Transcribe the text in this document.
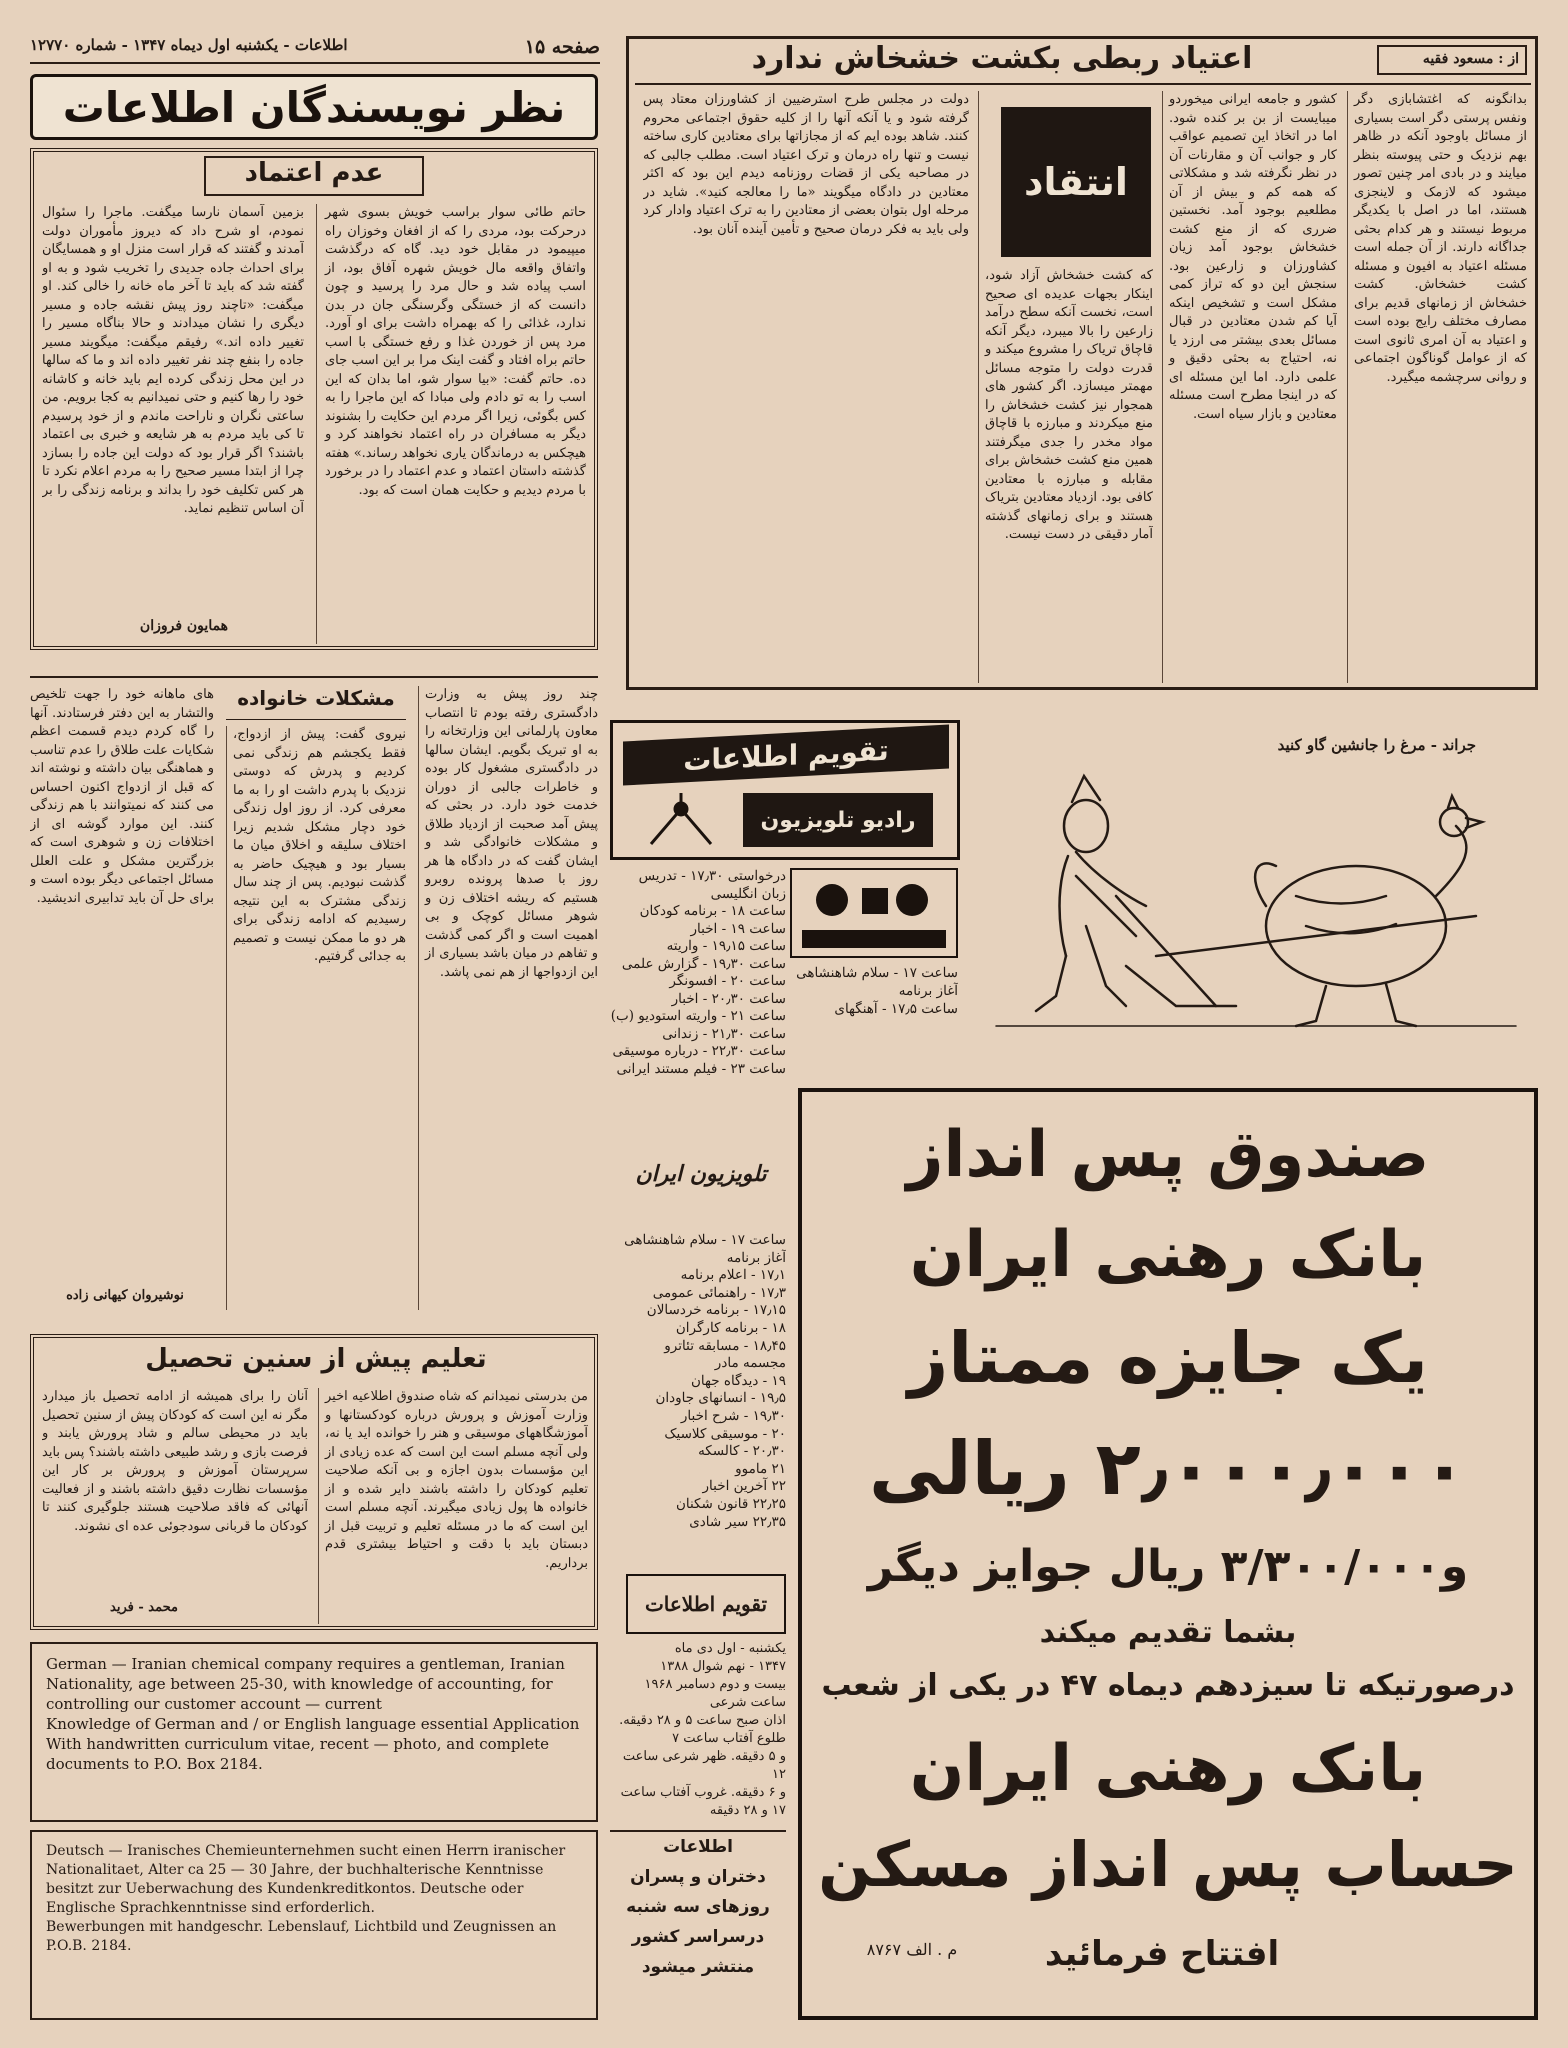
اطلاعات - یکشنبه اول دیماه ۱۳۴۷ - شماره ۱۲۷۷۰	صفحه ۱۵
نظر نویسندگان اطلاعات
از : مسعود فقیه
اعتیاد ربطی بکشت خشخاش ندارد
بدانگونه که اغتشابازی دگر ونفس پرستی دگر است بسیاری از مسائل باوجود آنکه در ظاهر بهم نزدیک و حتی پیوسته بنظر میایند و در بادی امر چنین تصور میشود که لازمک و لاینجزی هستند، اما در اصل با یکدیگر مربوط نیستند و هر کدام بحثی جداگانه دارند. از آن جمله است مسئله اعتیاد به افیون و مسئله کشت خشخاش. کشت خشخاش از زمانهای قدیم برای مصارف مختلف رایج بوده است و اعتیاد به آن امری ثانوی است که از عوامل گوناگون اجتماعی و روانی سرچشمه میگیرد.
کشور و جامعه ایرانی میخوردو میبایست از بن بر کنده شود. اما در اتخاذ این تصمیم عواقب کار و جوانب آن و مقارنات آن در نظر نگرفته شد و مشکلاتی که همه کم و بیش از آن مطلعیم بوجود آمد. نخستین ضرری که از منع کشت خشخاش بوجود آمد زیان کشاورزان و زارعین بود. سنجش این دو که تراز کمی مشکل است و تشخیص اینکه آیا کم شدن معتادین در قبال مسائل بعدی بیشتر می ارزد یا نه، احتیاج به بحثی دقیق و علمی دارد. اما این مسئله ای که در اینجا مطرح است مسئله معتادین و بازار سیاه است.
انتقاد
که کشت خشخاش آزاد شود، اینکار بجهات عدیده ای صحیح است، نخست آنکه سطح درآمد زارعین را بالا میبرد، دیگر آنکه قاچاق تریاک را مشروع میکند و قدرت دولت را متوجه مسائل مهمتر میسازد. اگر کشور های همجوار نیز کشت خشخاش را منع میکردند و مبارزه با قاچاق مواد مخدر را جدی میگرفتند همین منع کشت خشخاش برای مقابله و مبارزه با معتادین کافی بود. ازدیاد معتادین بتریاک هستند و برای زمانهای گذشته آمار دقیقی در دست نیست.
دولت در مجلس طرح استرضیین از کشاورزان معتاد پس گرفته شود و یا آنکه آنها را از کلیه حقوق اجتماعی محروم کنند. شاهد بوده ایم که از مجازاتها برای معتادین کاری ساخته نیست و تنها راه درمان و ترک اعتیاد است. مطلب جالبی که در مصاحبه یکی از قضات روزنامه دیدم این بود که اکثر معتادین در دادگاه میگویند «ما را معالجه کنید». شاید در مرحله اول بتوان بعضی از معتادین را به ترک اعتیاد وادار کرد ولی باید به فکر درمان صحیح و تأمین آینده آنان بود.
عدم اعتماد
حاتم طائی سوار براسب خویش بسوی شهر درحرکت بود، مردی را که از افغان وخوزان راه میپیمود در مقابل خود دید. گاه که درگذشت واتفاق واقعه مال خویش شهره آفاق بود، از اسب پیاده شد و حال مرد را پرسید و چون دانست که از خستگی وگرسنگی جان در بدن ندارد، غذائی را که بهمراه داشت برای او آورد. مرد پس از خوردن غذا و رفع خستگی با اسب حاتم براه افتاد و گفت اینک مرا بر این اسب جای ده. حاتم گفت: «بیا سوار شو، اما بدان که این اسب را به تو دادم ولی مبادا که این ماجرا را به کس بگوئی، زیرا اگر مردم این حکایت را بشنوند دیگر به مسافران در راه اعتماد نخواهند کرد و هیچکس به درماندگان یاری نخواهد رساند.» هفته گذشته داستان اعتماد و عدم اعتماد را در برخورد با مردم دیدیم و حکایت همان است که بود.
بزمین آسمان نارسا میگفت. ماجرا را سئوال نمودم، او شرح داد که دیروز مأموران دولت آمدند و گفتند که قرار است منزل او و همسایگان برای احداث جاده جدیدی را تخریب شود و به او گفته شد که باید تا آخر ماه خانه را خالی کند. او میگفت: «تاچند روز پیش نقشه جاده و مسیر دیگری را نشان میدادند و حالا بناگاه مسیر را تغییر داده اند.» رفیقم میگفت: میگویند مسیر جاده را بنفع چند نفر تغییر داده اند و ما که سالها در این محل زندگی کرده ایم باید خانه و کاشانه خود را رها کنیم و حتی نمیدانیم به کجا برویم. من ساعتی نگران و ناراحت ماندم و از خود پرسیدم تا کی باید مردم به هر شایعه و خبری بی اعتماد باشند؟ اگر قرار بود که دولت این جاده را بسازد چرا از ابتدا مسیر صحیح را به مردم اعلام نکرد تا هر کس تکلیف خود را بداند و برنامه زندگی را بر آن اساس تنظیم نماید.
همایون فروزان
جراند - مرغ را جانشین گاو کنید
تقویم اطلاعات
رادیو تلویزیون
درخواستی ۱۷٫۳۰ - تدریس
زبان انگلیسی
ساعت ۱۸ - برنامه کودکان
ساعت ۱۹ - اخبار
ساعت ۱۹٫۱۵ - واریته
ساعت ۱۹٫۳۰ - گزارش علمی
ساعت ۲۰ - افسونگر
ساعت ۲۰٫۳۰ - اخبار
ساعت ۲۱ - واریته استودیو (ب)
ساعت ۲۱٫۳۰ - زندانی
ساعت ۲۲٫۳۰ - درباره موسیقی
ساعت ۲۳ - فیلم مستند ایرانی
ساعت ۱۷ - سلام شاهنشاهی
آغاز برنامه
ساعت ۱۷٫۵ - آهنگهای
تلویزیون ایران
ساعت ۱۷ - سلام شاهنشاهی
آغاز برنامه
۱۷٫۱ - اعلام برنامه
۱۷٫۳ - راهنمائی عمومی
۱۷٫۱۵ - برنامه خردسالان
۱۸ - برنامه کارگران
۱۸٫۴۵ - مسابقه تئاترو
مجسمه مادر
۱۹ - دیدگاه جهان
۱۹٫۵ - انسانهای جاودان
۱۹٫۳۰ - شرح اخبار
۲۰ - موسیقی کلاسیک
۲۰٫۳۰ - کالسکه
۲۱ ماموو
۲۲ آخرین اخبار
۲۲٫۲۵ قانون شکنان
۲۲٫۳۵ سیر شادی
تقویم اطلاعات
یکشنبه - اول دی ماه
۱۳۴۷ - نهم شوال ۱۳۸۸
بیست و دوم دسامبر ۱۹۶۸
ساعت شرعی
اذان صبح ساعت ۵ و ۲۸ دقیقه. طلوع آفتاب ساعت ۷
و ۵ دقیقه. ظهر شرعی ساعت ۱۲
و ۶ دقیقه. غروب آفتاب ساعت
۱۷ و ۲۸ دقیقه
اطلاعات
دختران و پسران
روزهای سه شنبه
درسراسر کشور
منتشر میشود
چند روز پیش به وزارت دادگستری رفته بودم تا انتصاب معاون پارلمانی این وزارتخانه را به او تبریک بگویم. ایشان سالها در دادگستری مشغول کار بوده و خاطرات جالبی از دوران خدمت خود دارد. در بحثی که پیش آمد صحبت از ازدیاد طلاق و مشکلات خانوادگی شد و ایشان گفت که در دادگاه ها هر روز با صدها پرونده روبرو هستیم که ریشه اختلاف زن و شوهر مسائل کوچک و بی اهمیت است و اگر کمی گذشت و تفاهم در میان باشد بسیاری از این ازدواجها از هم نمی پاشد.
مشکلات خانواده
نیروی گفت: پیش از ازدواج، فقط یکجشم هم زندگی نمی کردیم و پدرش که دوستی نزدیک با پدرم داشت او را به ما معرفی کرد. از روز اول زندگی خود دچار مشکل شدیم زیرا اختلاف سلیقه و اخلاق میان ما بسیار بود و هیچیک حاضر به گذشت نبودیم. پس از چند سال زندگی مشترک به این نتیجه رسیدیم که ادامه زندگی برای هر دو ما ممکن نیست و تصمیم به جدائی گرفتیم.
های ماهانه خود را جهت تلخیص والتشار به این دفتر فرستادند. آنها را گاه کردم دیدم قسمت اعظم شکایات علت طلاق را عدم تناسب و هماهنگی بیان داشته و نوشته اند که قبل از ازدواج اکنون احساس می کنند که نمیتوانند با هم زندگی کنند. این موارد گوشه ای از اختلافات زن و شوهری است که بزرگترین مشکل و علت العلل مسائل اجتماعی دیگر بوده است و برای حل آن باید تدابیری اندیشید.
نوشیروان کیهانی زاده
تعلیم پیش از سنین تحصیل
من بدرستی نمیدانم که شاه صندوق اطلاعیه اخیر وزارت آموزش و پرورش درباره کودکستانها و آموزشگاههای موسیقی و هنر را خوانده اید یا نه، ولی آنچه مسلم است این است که عده زیادی از این مؤسسات بدون اجازه و بی آنکه صلاحیت تعلیم کودکان را داشته باشند دایر شده و از خانواده ها پول زیادی میگیرند. آنچه مسلم است این است که ما در مسئله تعلیم و تربیت قبل از دبستان باید با دقت و احتیاط بیشتری قدم برداریم.
آنان را برای همیشه از ادامه تحصیل باز میدارد مگر نه این است که کودکان پیش از سنین تحصیل باید در محیطی سالم و شاد پرورش یابند و فرصت بازی و رشد طبیعی داشته باشند؟ پس باید سرپرستان آموزش و پرورش بر کار این مؤسسات نظارت دقیق داشته باشند و از فعالیت آنهائی که فاقد صلاحیت هستند جلوگیری کنند تا کودکان ما قربانی سودجوئی عده ای نشوند.
محمد - فرید
German — Iranian chemical company requires a gentleman, Iranian Nationality, age between 25-30, with knowledge of accounting, for controlling our customer account — current
Knowledge of German and / or English language essential Application With handwritten curriculum vitae, recent — photo, and complete documents to P.O. Box 2184.
Deutsch — Iranisches Chemieunternehmen sucht einen Herrn iranischer Nationalitaet, Alter ca 25 — 30 Jahre, der buchhalterische Kenntnisse besitzt zur Ueberwachung des Kundenkreditkontos. Deutsche oder Englische Sprachkenntnisse sind erforderlich.
Bewerbungen mit handgeschr. Lebenslauf, Lichtbild und Zeugnissen an P.O.B. 2184.
صندوق پس انداز
بانک رهنی ایران
یک جایزه ممتاز
۲٫۰۰۰٫۰۰۰ ریالی
و۳/۳۰۰/۰۰۰ ریال جوایز دیگر
بشما تقدیم میکند
درصورتیکه تا سیزدهم دیماه ۴۷ در یکی از شعب
بانک رهنی ایران
حساب پس انداز مسکن
افتتاح فرمائید
م . الف ۸۷۶۷
